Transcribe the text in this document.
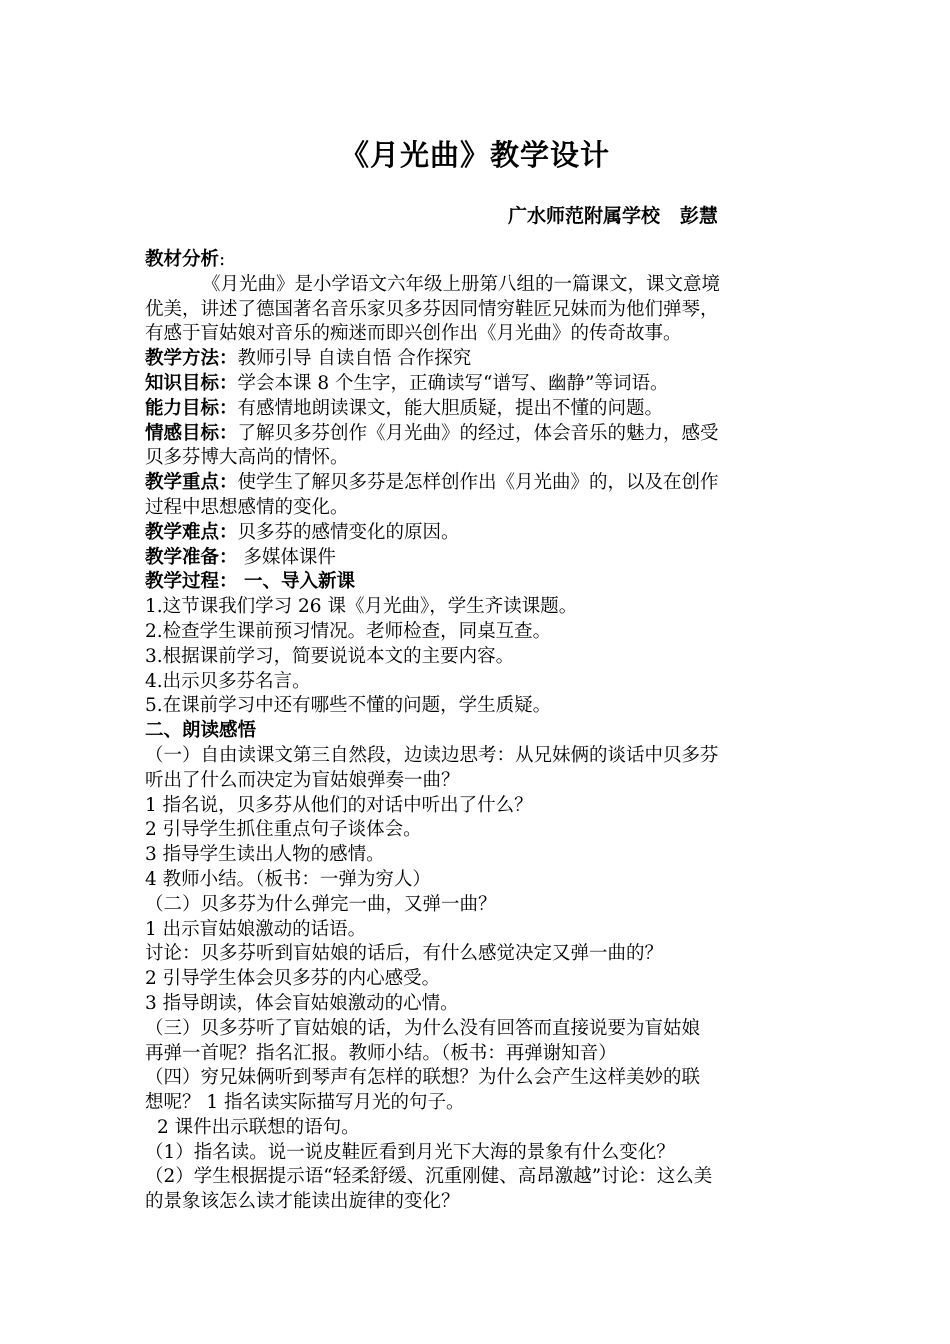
《月光曲》教学设计
广水师范附属学校   彭慧
教材分析:
《月光曲》是小学语文六年级上册第八组的一篇课文，课文意境
优美，讲述了德国著名音乐家贝多芬因同情穷鞋匠兄妹而为他们弹琴，
有感于盲姑娘对音乐的痴迷而即兴创作出《月光曲》的传奇故事。
教学方法：教师引导 自读自悟 合作探究
知识目标：学会本课 8 个生字，正确读写“谱写、幽静”等词语。
能力目标：有感情地朗读课文，能大胆质疑，提出不懂的问题。
情感目标：了解贝多芬创作《月光曲》的经过，体会音乐的魅力，感受
贝多芬博大高尚的情怀。
教学重点：使学生了解贝多芬是怎样创作出《月光曲》的，以及在创作
过程中思想感情的变化。
教学难点：贝多芬的感情变化的原因。
教学准备： 多媒体课件
教学过程： 一、导入新课
1.这节课我们学习 26 课《月光曲》，学生齐读课题。
2.检查学生课前预习情况。老师检查，同桌互查。
3.根据课前学习，简要说说本文的主要内容。
4.出示贝多芬名言。
5.在课前学习中还有哪些不懂的问题，学生质疑。
二、朗读感悟
（一）自由读课文第三自然段，边读边思考：从兄妹俩的谈话中贝多芬
听出了什么而决定为盲姑娘弹奏一曲？
1 指名说，贝多芬从他们的对话中听出了什么？
2 引导学生抓住重点句子谈体会。
3 指导学生读出人物的感情。
4 教师小结。（板书：一弹为穷人）
（二）贝多芬为什么弹完一曲，又弹一曲？
1 出示盲姑娘激动的话语。
讨论：贝多芬听到盲姑娘的话后，有什么感觉决定又弹一曲的？
2 引导学生体会贝多芬的内心感受。
3 指导朗读，体会盲姑娘激动的心情。
（三）贝多芬听了盲姑娘的话，为什么没有回答而直接说要为盲姑娘
再弹一首呢？指名汇报。教师小结。（板书：再弹谢知音）
（四）穷兄妹俩听到琴声有怎样的联想？为什么会产生这样美妙的联
想呢？ 1 指名读实际描写月光的句子。
2 课件出示联想的语句。
（1）指名读。说一说皮鞋匠看到月光下大海的景象有什么变化？
（2）学生根据提示语“轻柔舒缓、沉重刚健、高昂激越”讨论：这么美
的景象该怎么读才能读出旋律的变化？
